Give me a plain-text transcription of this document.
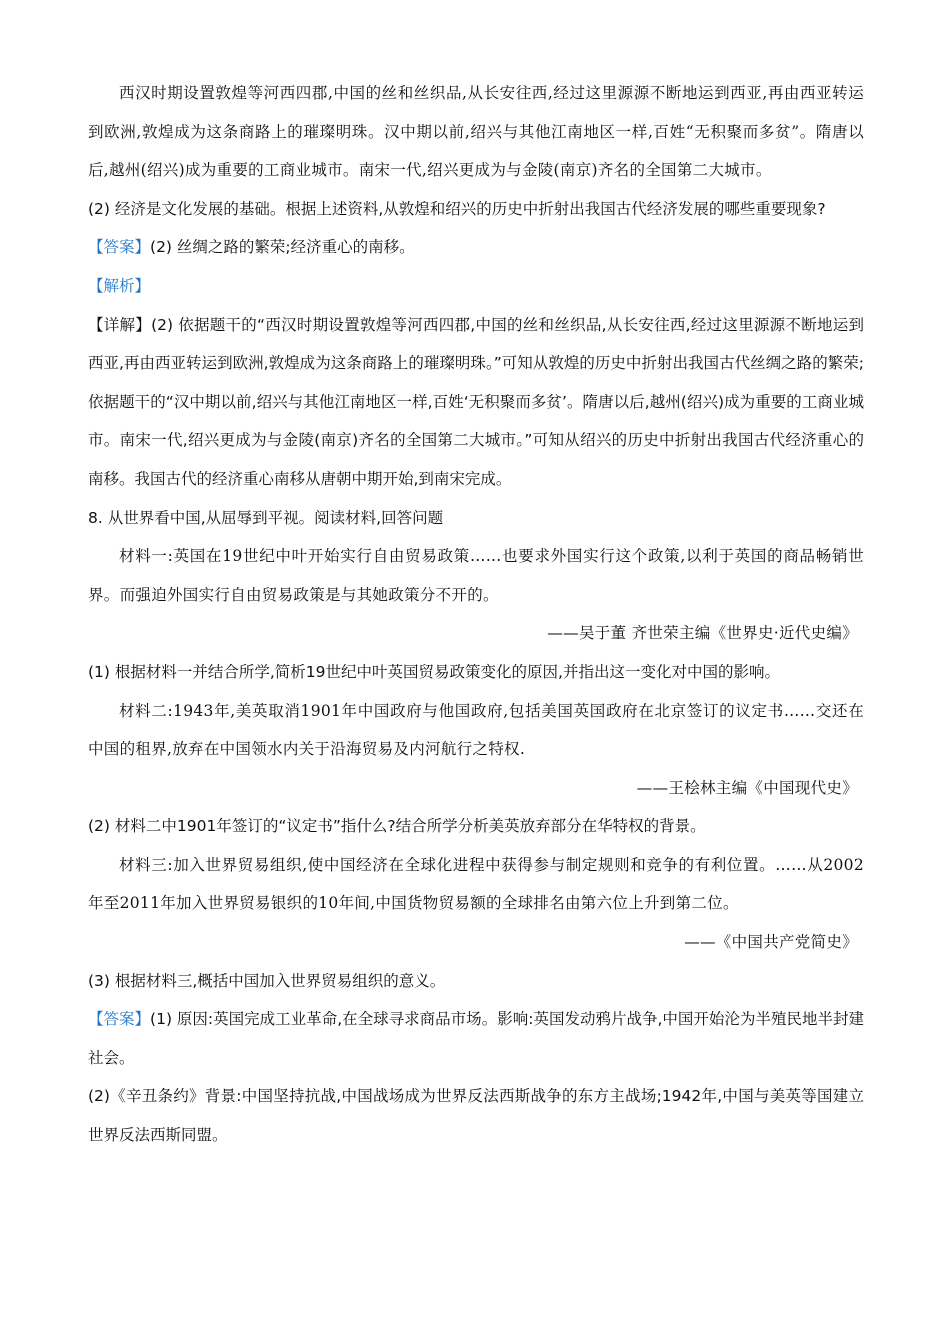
西汉时期设置敦煌等河西四郡,中国的丝和丝织品,从长安往西,经过这里源源不断地运到西亚,再由西亚转运到欧洲,敦煌成为这条商路上的璀璨明珠。汉中期以前,绍兴与其他江南地区一样,百姓“无积聚而多贫”。隋唐以后,越州(绍兴)成为重要的工商业城市。南宋一代,绍兴更成为与金陵(南京)齐名的全国第二大城市。

(2) 经济是文化发展的基础。根据上述资料,从敦煌和绍兴的历史中折射出我国古代经济发展的哪些重要现象?

【答案】(2) 丝绸之路的繁荣;经济重心的南移。

【解析】

【详解】(2) 依据题干的“西汉时期设置敦煌等河西四郡,中国的丝和丝织品,从长安往西,经过这里源源不断地运到西亚,再由西亚转运到欧洲,敦煌成为这条商路上的璀璨明珠。”可知从敦煌的历史中折射出我国古代丝绸之路的繁荣;依据题干的“汉中期以前,绍兴与其他江南地区一样,百姓‘无积聚而多贫’。隋唐以后,越州(绍兴)成为重要的工商业城市。南宋一代,绍兴更成为与金陵(南京)齐名的全国第二大城市。”可知从绍兴的历史中折射出我国古代经济重心的南移。我国古代的经济重心南移从唐朝中期开始,到南宋完成。

8. 从世界看中国,从屈辱到平视。阅读材料,回答问题

材料一:英国在19世纪中叶开始实行自由贸易政策……也要求外国实行这个政策,以利于英国的商品畅销世界。而强迫外国实行自由贸易政策是与其她政策分不开的。

——吴于董 齐世荣主编《世界史·近代史编》

(1) 根据材料一并结合所学,简析19世纪中叶英国贸易政策变化的原因,并指出这一变化对中国的影响。

材料二:1943年,美英取消1901年中国政府与他国政府,包括美国英国政府在北京签订的议定书……交还在中国的租界,放弃在中国领水内关于沿海贸易及内河航行之特权.

——王桧林主编《中国现代史》

(2) 材料二中1901年签订的“议定书”指什么?结合所学分析美英放弃部分在华特权的背景。

材料三:加入世界贸易组织,使中国经济在全球化进程中获得参与制定规则和竞争的有利位置。……从2002年至2011年加入世界贸易银织的10年间,中国货物贸易额的全球排名由第六位上升到第二位。

——《中国共产党简史》

(3) 根据材料三,概括中国加入世界贸易组织的意义。

【答案】(1) 原因:英国完成工业革命,在全球寻求商品市场。影响:英国发动鸦片战争,中国开始沦为半殖民地半封建社会。

(2)《辛丑条约》背景:中国坚持抗战,中国战场成为世界反法西斯战争的东方主战场;1942年,中国与美英等国建立世界反法西斯同盟。
